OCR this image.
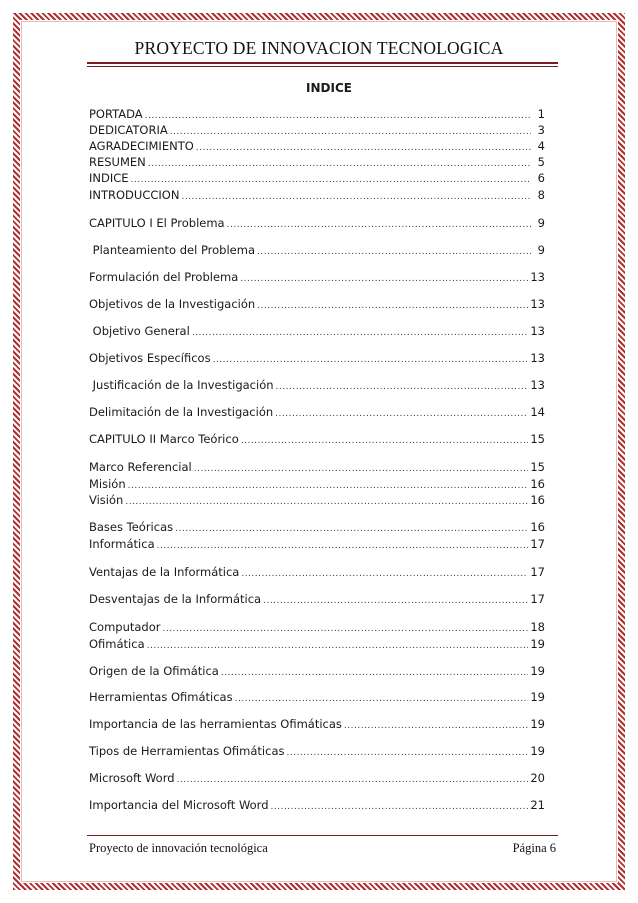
PROYECTO DE INNOVACION TECNOLOGICA
INDICE
PORTADA .....	1
DEDICATORIA .....	3
AGRADECIMIENTO .....	4
RESUMEN .....	5
INDICE .....	6
INTRODUCCION .....	8
CAPITULO I El Problema .....	9
Planteamiento del Problema .....	9
Formulación del Problema .....	13
Objetivos de la Investigación .....	13
Objetivo General .....	13
Objetivos Específicos .....	13
Justificación de la Investigación .....	13
Delimitación de la Investigación .....	14
CAPITULO II Marco Teórico .....	15
Marco Referencial .....	15
Misión .....	16
Visión .....	16
Bases Teóricas .....	16
Informática .....	17
Ventajas de la Informática .....	17
Desventajas de la Informática .....	17
Computador .....	18
Ofimática .....	19
Origen de la Ofimática .....	19
Herramientas Ofimáticas .....	19
Importancia de las herramientas Ofimáticas .....	19
Tipos de Herramientas Ofimáticas .....	19
Microsoft Word .....	20
Importancia del Microsoft Word .....	21
Proyecto de innovación tecnológica	Página 6
